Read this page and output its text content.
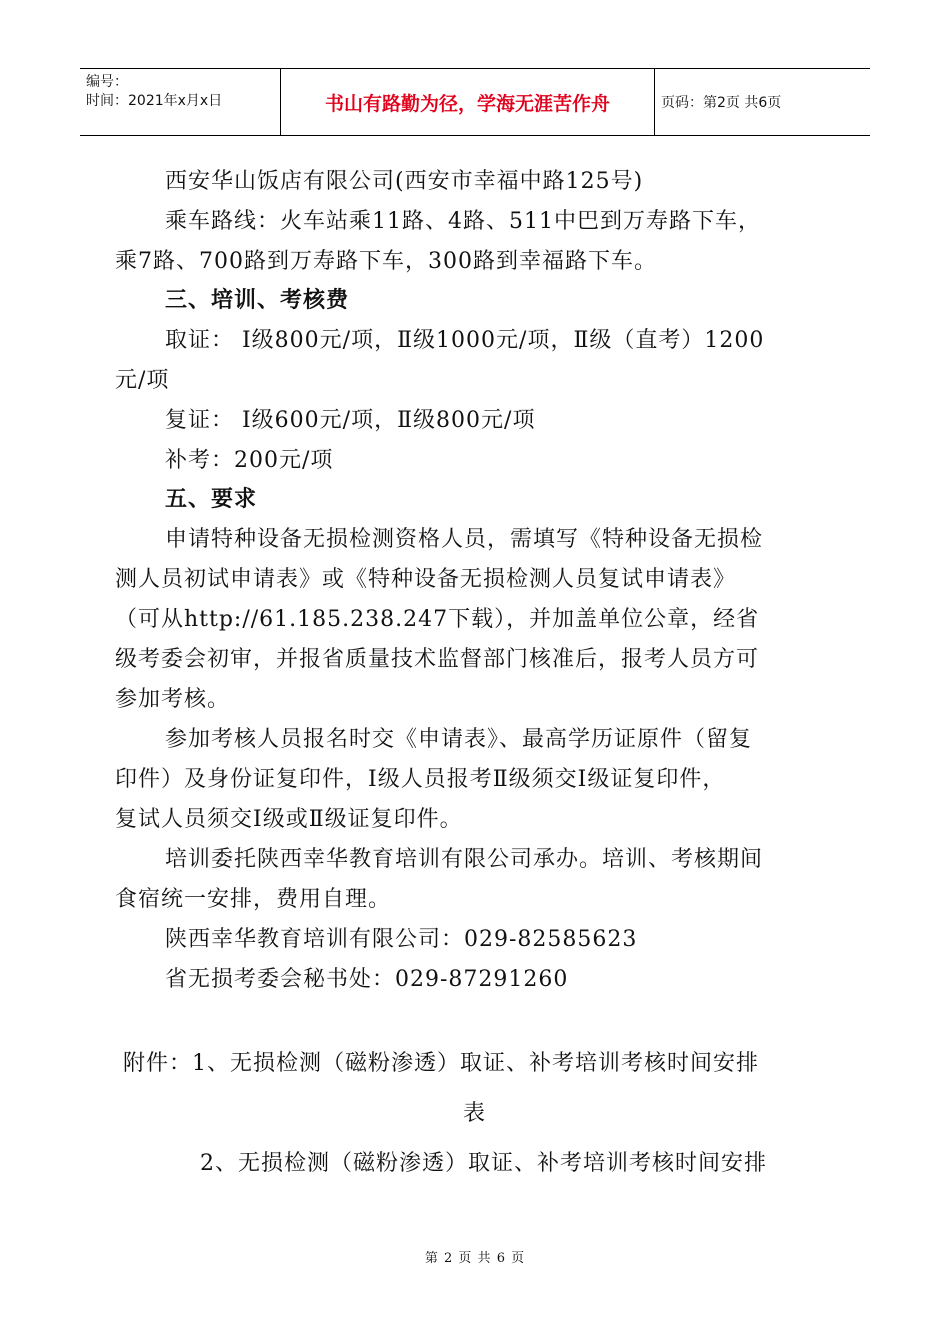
编号：
时间：2021年x月x日	书山有路勤为径，学海无涯苦作舟	页码：第2页 共6页
西安华山饭店有限公司(西安市幸福中路125号)
乘车路线：火车站乘11路、4路、511中巴到万寿路下车，
乘7路、700路到万寿路下车，300路到幸福路下车。
三、培训、考核费
取证： Ⅰ级800元/项，Ⅱ级1000元/项，Ⅱ级（直考）1200
元/项
复证： Ⅰ级600元/项，Ⅱ级800元/项
补考：200元/项
五、要求
申请特种设备无损检测资格人员，需填写《特种设备无损检
测人员初试申请表》或《特种设备无损检测人员复试申请表》
（可从http://61.185.238.247下载），并加盖单位公章，经省
级考委会初审，并报省质量技术监督部门核准后，报考人员方可
参加考核。
参加考核人员报名时交《申请表》、最高学历证原件（留复
印件）及身份证复印件，Ⅰ级人员报考Ⅱ级须交Ⅰ级证复印件，
复试人员须交Ⅰ级或Ⅱ级证复印件。
培训委托陕西幸华教育培训有限公司承办。培训、考核期间
食宿统一安排，费用自理。
陕西幸华教育培训有限公司：029-82585623
省无损考委会秘书处：029-87291260
附件：1、无损检测（磁粉渗透）取证、补考培训考核时间安排
表
2、无损检测（磁粉渗透）取证、补考培训考核时间安排
第 2 页 共 6 页
